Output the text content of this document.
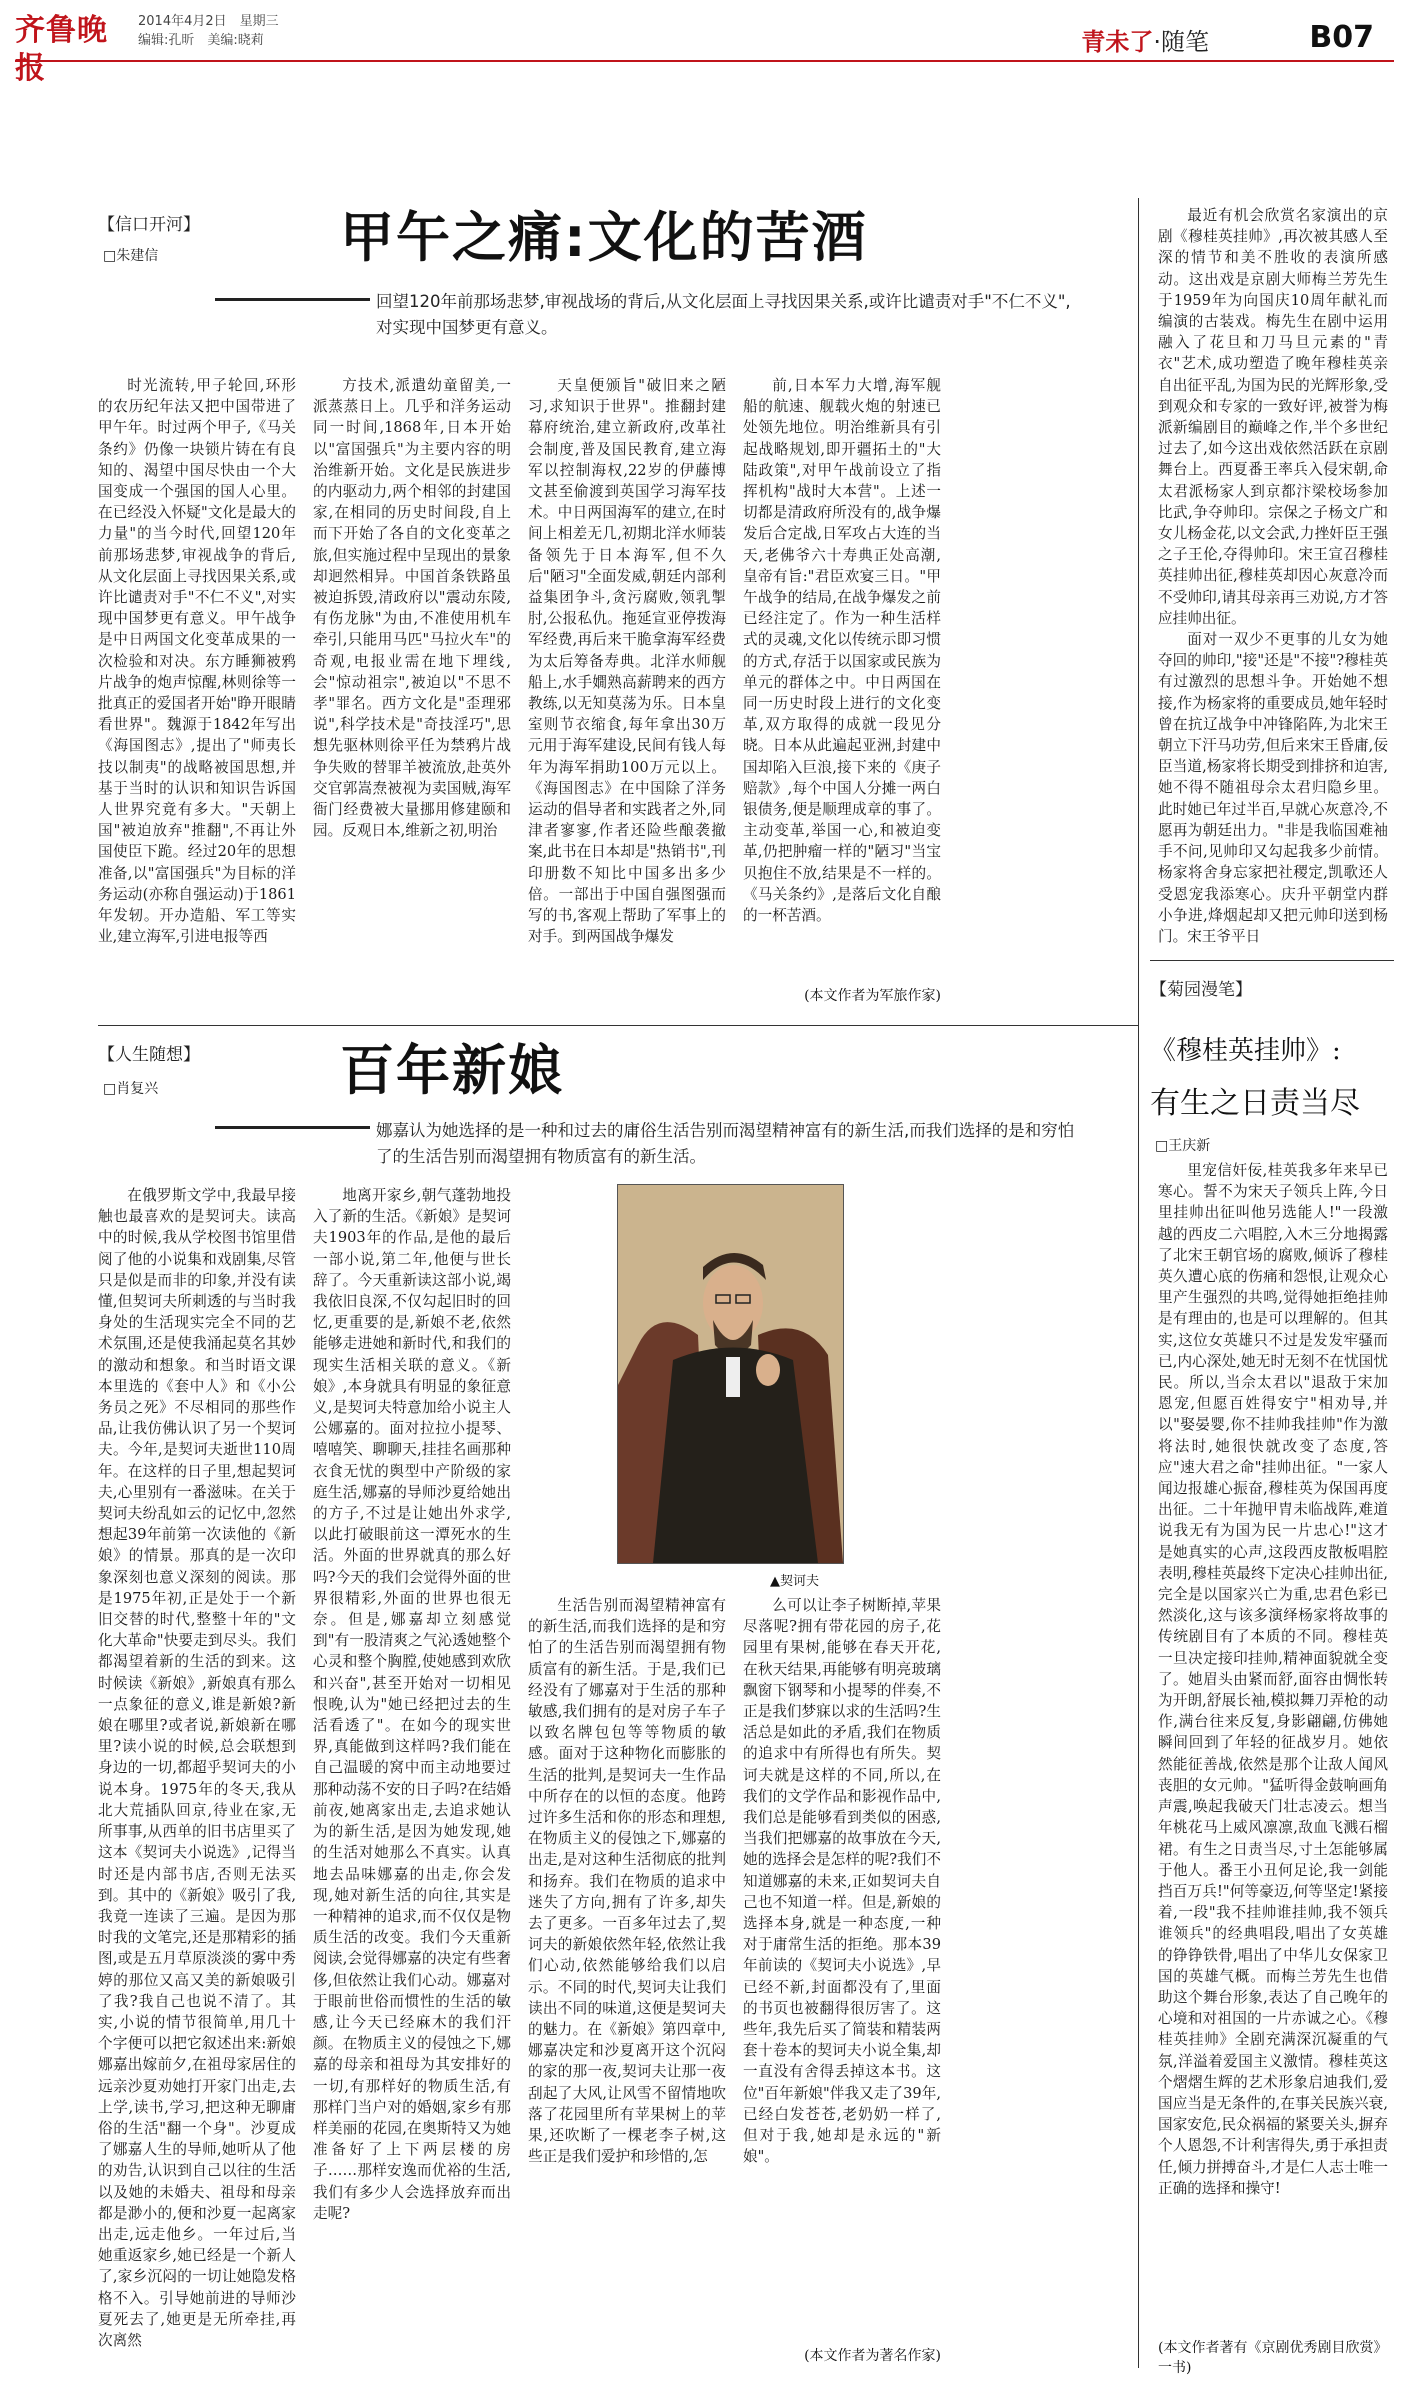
齐鲁晚报
2014年4月2日　星期三
编辑:孔昕　美编:晓莉	青未了·随笔	B07
【信口开河】
□朱建信	甲午之痛:文化的苦酒
回望120年前那场悲梦,审视战场的背后,从文化层面上寻找因果关系,或许比谴责对手"不仁不义",对实现中国梦更有意义。

时光流转,甲子轮回,环形的农历纪年法又把中国带进了甲午年。时过两个甲子,《马关条约》仍像一块锁片铸在有良知的、渴望中国尽快由一个大国变成一个强国的国人心里。在已经没入怀疑"文化是最大的力量"的当今时代,回望120年前那场悲梦,审视战争的背后,从文化层面上寻找因果关系,或许比谴责对手"不仁不义",对实现中国梦更有意义。甲午战争是中日两国文化变革成果的一次检验和对决。东方睡狮被鸦片战争的炮声惊醒,林则徐等一批真正的爱国者开始"睁开眼睛看世界"。魏源于1842年写出《海国图志》,提出了"师夷长技以制夷"的战略被国思想,并基于当时的认识和知识告诉国人世界究竟有多大。"天朝上国"被迫放弃"推翻",不再让外国使臣下跪。经过20年的思想准备,以"富国强兵"为目标的洋务运动(亦称自强运动)于1861年发轫。开办造船、军工等实业,建立海军,引进电报等西

方技术,派遣幼童留美,一派蒸蒸日上。几乎和洋务运动同一时间,1868年,日本开始以"富国强兵"为主要内容的明治维新开始。文化是民族进步的内驱动力,两个相邻的封建国家,在相同的历史时间段,自上而下开始了各自的文化变革之旅,但实施过程中呈现出的景象却迥然相异。中国首条铁路虽被迫拆毁,清政府以"震动东陵,有伤龙脉"为由,不准使用机车牵引,只能用马匹"马拉火车"的奇观,电报业需在地下埋线,会"惊动祖宗",被迫以"不思不孝"罪名。西方文化是"歪理邪说",科学技术是"奇技淫巧",思想先驱林则徐平任为禁鸦片战争失败的替罪羊被流放,赴英外交官郭嵩焘被视为卖国贼,海军衙门经费被大量挪用修建颐和园。反观日本,维新之初,明治

天皇便颁旨"破旧来之陋习,求知识于世界"。推翻封建幕府统治,建立新政府,改革社会制度,普及国民教育,建立海军以控制海权,22岁的伊藤博文甚至偷渡到英国学习海军技术。中日两国海军的建立,在时间上相差无几,初期北洋水师装备领先于日本海军,但不久后"陋习"全面发威,朝廷内部利益集团争斗,贪污腐败,领乳掣肘,公报私仇。拖延宣亚停拨海军经费,再后来干脆拿海军经费为太后筹备寿典。北洋水师舰船上,水手嫺熟高薪聘来的西方教练,以无知莫荡为乐。日本皇室则节衣缩食,每年拿出30万元用于海军建设,民间有钱人每年为海军捐助100万元以上。《海国图志》在中国除了洋务运动的倡导者和实践者之外,同津者寥寥,作者还险些酿袭撤案,此书在日本却是"热销书",刊印册数不知比中国多出多少倍。一部出于中国自强图强而写的书,客观上帮助了军事上的对手。到两国战争爆发

前,日本军力大增,海军舰船的航速、舰载火炮的射速已处领先地位。明治维新具有引起战略规划,即开疆拓土的"大陆政策",对甲午战前设立了指挥机构"战时大本营"。上述一切都是清政府所没有的,战争爆发后合定战,日军攻占大连的当天,老佛爷六十寿典正处高潮,皇帝有旨:"君臣欢宴三日。"甲午战争的结局,在战争爆发之前已经注定了。作为一种生活样式的灵魂,文化以传统示即习惯的方式,存活于以国家或民族为单元的群体之中。中日两国在同一历史时段上进行的文化变革,双方取得的成就一段见分晓。日本从此遍起亚洲,封建中国却陷入巨浪,接下来的《庚子赔款》,每个中国人分摊一两白银债务,便是顺理成章的事了。主动变革,举国一心,和被迫变革,仍把肿瘤一样的"陋习"当宝贝抱住不放,结果是不一样的。《马关条约》,是落后文化自酿的一杯苦酒。

(本文作者为军旅作家)
【人生随想】
□肖复兴	百年新娘
娜嘉认为她选择的是一种和过去的庸俗生活告别而渴望精神富有的新生活,而我们选择的是和穷怕了的生活告别而渴望拥有物质富有的新生活。

在俄罗斯文学中,我最早接触也最喜欢的是契诃夫。读高中的时候,我从学校图书馆里借阅了他的小说集和戏剧集,尽管只是似是而非的印象,并没有读懂,但契诃夫所刺透的与当时我身处的生活现实完全不同的艺术氛围,还是使我涌起莫名其妙的激动和想象。和当时语文课本里选的《套中人》和《小公务员之死》不尽相同的那些作品,让我仿佛认识了另一个契诃夫。今年,是契诃夫逝世110周年。在这样的日子里,想起契诃夫,心里别有一番滋味。在关于契诃夫纷乱如云的记忆中,忽然想起39年前第一次读他的《新娘》的情景。那真的是一次印象深刻也意义深刻的阅读。那是1975年初,正是处于一个新旧交替的时代,整整十年的"文化大革命"快要走到尽头。我们都渴望着新的生活的到来。这时候读《新娘》,新娘真有那么一点象征的意义,谁是新娘?新娘在哪里?或者说,新娘新在哪里?读小说的时候,总会联想到身边的一切,都超乎契诃夫的小说本身。1975年的冬天,我从北大荒插队回京,待业在家,无所事事,从西单的旧书店里买了这本《契诃夫小说选》,记得当时还是内部书店,否则无法买到。其中的《新娘》吸引了我,我竟一连读了三遍。是因为那时我的文笔完,还是那精彩的插图,或是五月草原淡淡的雾中秀婷的那位又高又美的新娘吸引了我?我自己也说不清了。其实,小说的情节很简单,用几十个字便可以把它叙述出来:新娘娜嘉出嫁前夕,在祖母家居住的远亲沙夏劝她打开家门出走,去上学,读书,学习,把这种无聊庸俗的生活"翻一个身"。沙夏成了娜嘉人生的导师,她听从了他的劝告,认识到自己以往的生活以及她的未婚夫、祖母和母亲都是渺小的,便和沙夏一起离家出走,远走他乡。一年过后,当她重返家乡,她已经是一个新人了,家乡沉闷的一切让她隐发格格不入。引导她前进的导师沙夏死去了,她更是无所牵挂,再次离然

地离开家乡,朝气蓬勃地投入了新的生活。《新娘》是契诃夫1903年的作品,是他的最后一部小说,第二年,他便与世长辞了。今天重新读这部小说,竭我依旧良深,不仅勾起旧时的回忆,更重要的是,新娘不老,依然能够走进她和新时代,和我们的现实生活相关联的意义。《新娘》,本身就具有明显的象征意义,是契诃夫特意加给小说主人公娜嘉的。面对拉拉小提琴、嘻嘻笑、聊聊天,挂挂名画那种衣食无忧的舆型中产阶级的家庭生活,娜嘉的导师沙夏给她出的方子,不过是让她出外求学,以此打破眼前这一潭死水的生活。外面的世界就真的那么好吗?今天的我们会觉得外面的世界很精彩,外面的世界也很无奈。但是,娜嘉却立刻感觉到"有一股清爽之气沁透她整个心灵和整个胸膛,使她感到欢欣和兴奋",甚至开始对一切相见恨晚,认为"她已经把过去的生活看透了"。在如今的现实世界,真能做到这样吗?我们能在自己温暖的窝中而主动地要过那种动荡不安的日子吗?在结婚前夜,她离家出走,去追求她认为的新生活,是因为她发现,她的生活对她那么不真实。认真地去品味娜嘉的出走,你会发现,她对新生活的向往,其实是一种精神的追求,而不仅仅是物质生活的改变。我们今天重新阅读,会觉得娜嘉的决定有些奢侈,但依然让我们心动。娜嘉对于眼前世俗而惯性的生活的敏感,让今天已经麻木的我们汗颜。在物质主义的侵蚀之下,娜嘉的母亲和祖母为其安排好的一切,有那样好的物质生活,有那样门当户对的婚姻,家乡有那样美丽的花园,在奥斯特又为她准备好了上下两层楼的房子……那样安逸而优裕的生活,我们有多少人会选择放弃而出走呢?

▲契诃夫

生活告别而渴望精神富有的新生活,而我们选择的是和穷怕了的生活告别而渴望拥有物质富有的新生活。于是,我们已经没有了娜嘉对于生活的那种敏感,我们拥有的是对房子车子以致名牌包包等等物质的敏感。面对于这种物化而膨胀的生活的批判,是契诃夫一生作品中所存在的以恒的态度。他跨过许多生活和你的形态和理想,在物质主义的侵蚀之下,娜嘉的出走,是对这种生活彻底的批判和扬弃。我们在物质的追求中迷失了方向,拥有了许多,却失去了更多。一百多年过去了,契诃夫的新娘依然年轻,依然让我们心动,依然能够给我们以启示。不同的时代,契诃夫让我们读出不同的味道,这便是契诃夫的魅力。在《新娘》第四章中,娜嘉决定和沙夏离开这个沉闷的家的那一夜,契诃夫让那一夜刮起了大风,让风雪不留情地吹落了花园里所有苹果树上的苹果,还吹断了一棵老李子树,这些正是我们爱护和珍惜的,怎

么可以让李子树断掉,苹果尽落呢?拥有带花园的房子,花园里有果树,能够在春天开花,在秋天结果,再能够有明亮玻璃飘窗下钢琴和小提琴的伴奏,不正是我们梦寐以求的生活吗?生活总是如此的矛盾,我们在物质的追求中有所得也有所失。契诃夫就是这样的不同,所以,在我们的文学作品和影视作品中,我们总是能够看到类似的困惑,当我们把娜嘉的故事放在今天,她的选择会是怎样的呢?我们不知道娜嘉的未来,正如契诃夫自己也不知道一样。但是,新娘的选择本身,就是一种态度,一种对于庸常生活的拒绝。那本39年前读的《契诃夫小说选》,早已经不新,封面都没有了,里面的书页也被翻得很厉害了。这些年,我先后买了简装和精装两套十卷本的契诃夫小说全集,却一直没有舍得丢掉这本书。这位"百年新娘"伴我又走了39年,已经白发苍苍,老奶奶一样了,但对于我,她却是永远的"新娘"。

(本文作者为著名作家)

最近有机会欣赏名家演出的京剧《穆桂英挂帅》,再次被其感人至深的情节和美不胜收的表演所感动。这出戏是京剧大师梅兰芳先生于1959年为向国庆10周年献礼而编演的古装戏。梅先生在剧中运用融入了花旦和刀马旦元素的"青衣"艺术,成功塑造了晚年穆桂英亲自出征平乱,为国为民的光辉形象,受到观众和专家的一致好评,被誉为梅派新编剧目的巅峰之作,半个多世纪过去了,如今这出戏依然活跃在京剧舞台上。西夏番王率兵入侵宋朝,命太君派杨家人到京都汴梁校场参加比武,争夺帅印。宗保之子杨文广和女儿杨金花,以文会武,力挫奸臣王强之子王伦,夺得帅印。宋王宣召穆桂英挂帅出征,穆桂英却因心灰意冷而不受帅印,请其母亲再三劝说,方才答应挂帅出征。

面对一双少不更事的儿女为她夺回的帅印,"接"还是"不接"?穆桂英有过激烈的思想斗争。开始她不想接,作为杨家将的重要成员,她年轻时曾在抗辽战争中冲锋陷阵,为北宋王朝立下汗马功劳,但后来宋王昏庸,佞臣当道,杨家将长期受到排挤和迫害,她不得不随祖母佘太君归隐乡里。此时她已年过半百,早就心灰意冷,不愿再为朝廷出力。"非是我临国难袖手不问,见帅印又勾起我多少前情。杨家将舍身忘家把社稷定,凯歌还人受恩宠我添寒心。庆升平朝堂内群小争进,烽烟起却又把元帅印送到杨门。宋王爷平日

【菊园漫笔】
《穆桂英挂帅》:
有生之日责当尽
□王庆新

里宠信奸佞,桂英我多年来早已寒心。誓不为宋天子领兵上阵,今日里挂帅出征叫他另选能人!"一段激越的西皮二六唱腔,入木三分地揭露了北宋王朝官场的腐败,倾诉了穆桂英久遭心底的伤痛和怨恨,让观众心里产生强烈的共鸣,觉得她拒绝挂帅是有理由的,也是可以理解的。但其实,这位女英雄只不过是发发牢骚而已,内心深处,她无时无刻不在忧国忧民。所以,当佘太君以"退敌于宋加恩宠,但愿百姓得安宁"相劝导,并以"娶晏婴,你不挂帅我挂帅"作为激将法时,她很快就改变了态度,答应"速大君之命"挂帅出征。"一家人闻边报雄心振奋,穆桂英为保国再度出征。二十年抛甲胄未临战阵,难道说我无有为国为民一片忠心!"这才是她真实的心声,这段西皮散板唱腔表明,穆桂英最终下定决心挂帅出征,完全是以国家兴亡为重,忠君色彩已然淡化,这与该多演绎杨家将故事的传统剧目有了本质的不同。穆桂英一旦决定接印挂帅,精神面貌就全变了。她眉头由紧而舒,面容由惆怅转为开朗,舒展长袖,模拟舞刀弄枪的动作,满台往来反复,身影翩翩,仿佛她瞬间回到了年轻的征战岁月。她依然能征善战,依然是那个让敌人闻风丧胆的女元帅。"猛听得金鼓响画角声震,唤起我破天门壮志凌云。想当年桃花马上威风凛凛,敌血飞溅石榴裙。有生之日责当尽,寸土怎能够属于他人。番王小丑何足论,我一剑能挡百万兵!"何等豪迈,何等坚定!紧接着,一段"我不挂帅谁挂帅,我不领兵谁领兵"的经典唱段,唱出了女英雄的铮铮铁骨,唱出了中华儿女保家卫国的英雄气概。而梅兰芳先生也借助这个舞台形象,表达了自己晚年的心境和对祖国的一片赤诚之心。《穆桂英挂帅》全剧充满深沉凝重的气氛,洋溢着爱国主义激情。穆桂英这个熠熠生辉的艺术形象启迪我们,爱国应当是无条件的,在事关民族兴衰,国家安危,民众祸福的紧要关头,摒弃个人恩怨,不计利害得失,勇于承担责任,倾力拼搏奋斗,才是仁人志士唯一正确的选择和操守!

(本文作者著有《京剧优秀剧目欣赏》一书)
